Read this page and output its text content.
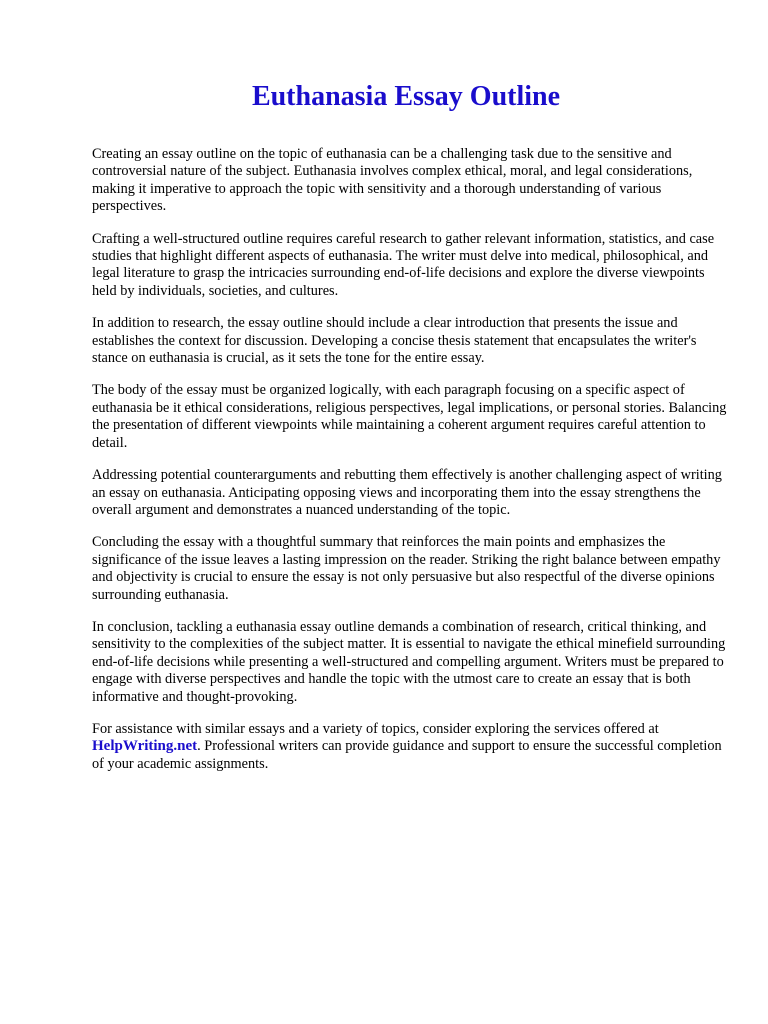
Euthanasia Essay Outline

Creating an essay outline on the topic of euthanasia can be a challenging task due to the sensitive and controversial nature of the subject. Euthanasia involves complex ethical, moral, and legal considerations, making it imperative to approach the topic with sensitivity and a thorough understanding of various perspectives.

Crafting a well-structured outline requires careful research to gather relevant information, statistics, and case studies that highlight different aspects of euthanasia. The writer must delve into medical, philosophical, and legal literature to grasp the intricacies surrounding end-of-life decisions and explore the diverse viewpoints held by individuals, societies, and cultures.

In addition to research, the essay outline should include a clear introduction that presents the issue and establishes the context for discussion. Developing a concise thesis statement that encapsulates the writer's stance on euthanasia is crucial, as it sets the tone for the entire essay.

The body of the essay must be organized logically, with each paragraph focusing on a specific aspect of euthanasia be it ethical considerations, religious perspectives, legal implications, or personal stories. Balancing the presentation of different viewpoints while maintaining a coherent argument requires careful attention to detail.

Addressing potential counterarguments and rebutting them effectively is another challenging aspect of writing an essay on euthanasia. Anticipating opposing views and incorporating them into the essay strengthens the overall argument and demonstrates a nuanced understanding of the topic.

Concluding the essay with a thoughtful summary that reinforces the main points and emphasizes the significance of the issue leaves a lasting impression on the reader. Striking the right balance between empathy and objectivity is crucial to ensure the essay is not only persuasive but also respectful of the diverse opinions surrounding euthanasia.

In conclusion, tackling a euthanasia essay outline demands a combination of research, critical thinking, and sensitivity to the complexities of the subject matter. It is essential to navigate the ethical minefield surrounding end-of-life decisions while presenting a well-structured and compelling argument. Writers must be prepared to engage with diverse perspectives and handle the topic with the utmost care to create an essay that is both informative and thought-provoking.

For assistance with similar essays and a variety of topics, consider exploring the services offered at HelpWriting.net. Professional writers can provide guidance and support to ensure the successful completion of your academic assignments.
